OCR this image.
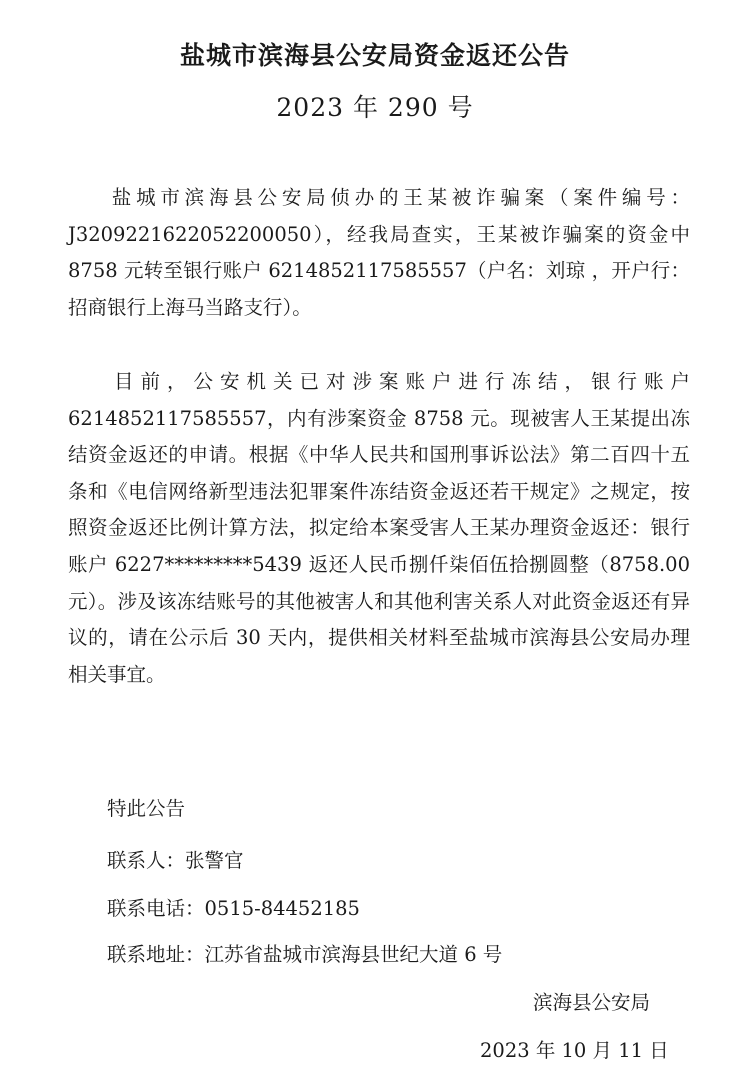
盐城市滨海县公安局资金返还公告
2023 年 290 号
盐城市滨海县公安局侦办的王某被诈骗案（案件编号：J3209221622052200050），经我局查实，王某被诈骗案的资金中 8758 元转至银行账户 6214852117585557（户名：刘琼 ，开户行：招商银行上海马当路支行）。
目前，公安机关已对涉案账户进行冻结，银行账户 6214852117585557，内有涉案资金 8758 元。现被害人王某提出冻结资金返还的申请。根据《中华人民共和国刑事诉讼法》第二百四十五条和《电信网络新型违法犯罪案件冻结资金返还若干规定》之规定，按照资金返还比例计算方法，拟定给本案受害人王某办理资金返还：银行账户 6227*********5439 返还人民币捌仟柒佰伍拾捌圆整（8758.00 元）。涉及该冻结账号的其他被害人和其他利害关系人对此资金返还有异议的，请在公示后 30 天内，提供相关材料至盐城市滨海县公安局办理相关事宜。
特此公告
联系人：张警官
联系电话：0515-84452185
联系地址：江苏省盐城市滨海县世纪大道 6 号
滨海县公安局
2023 年 10 月 11 日
